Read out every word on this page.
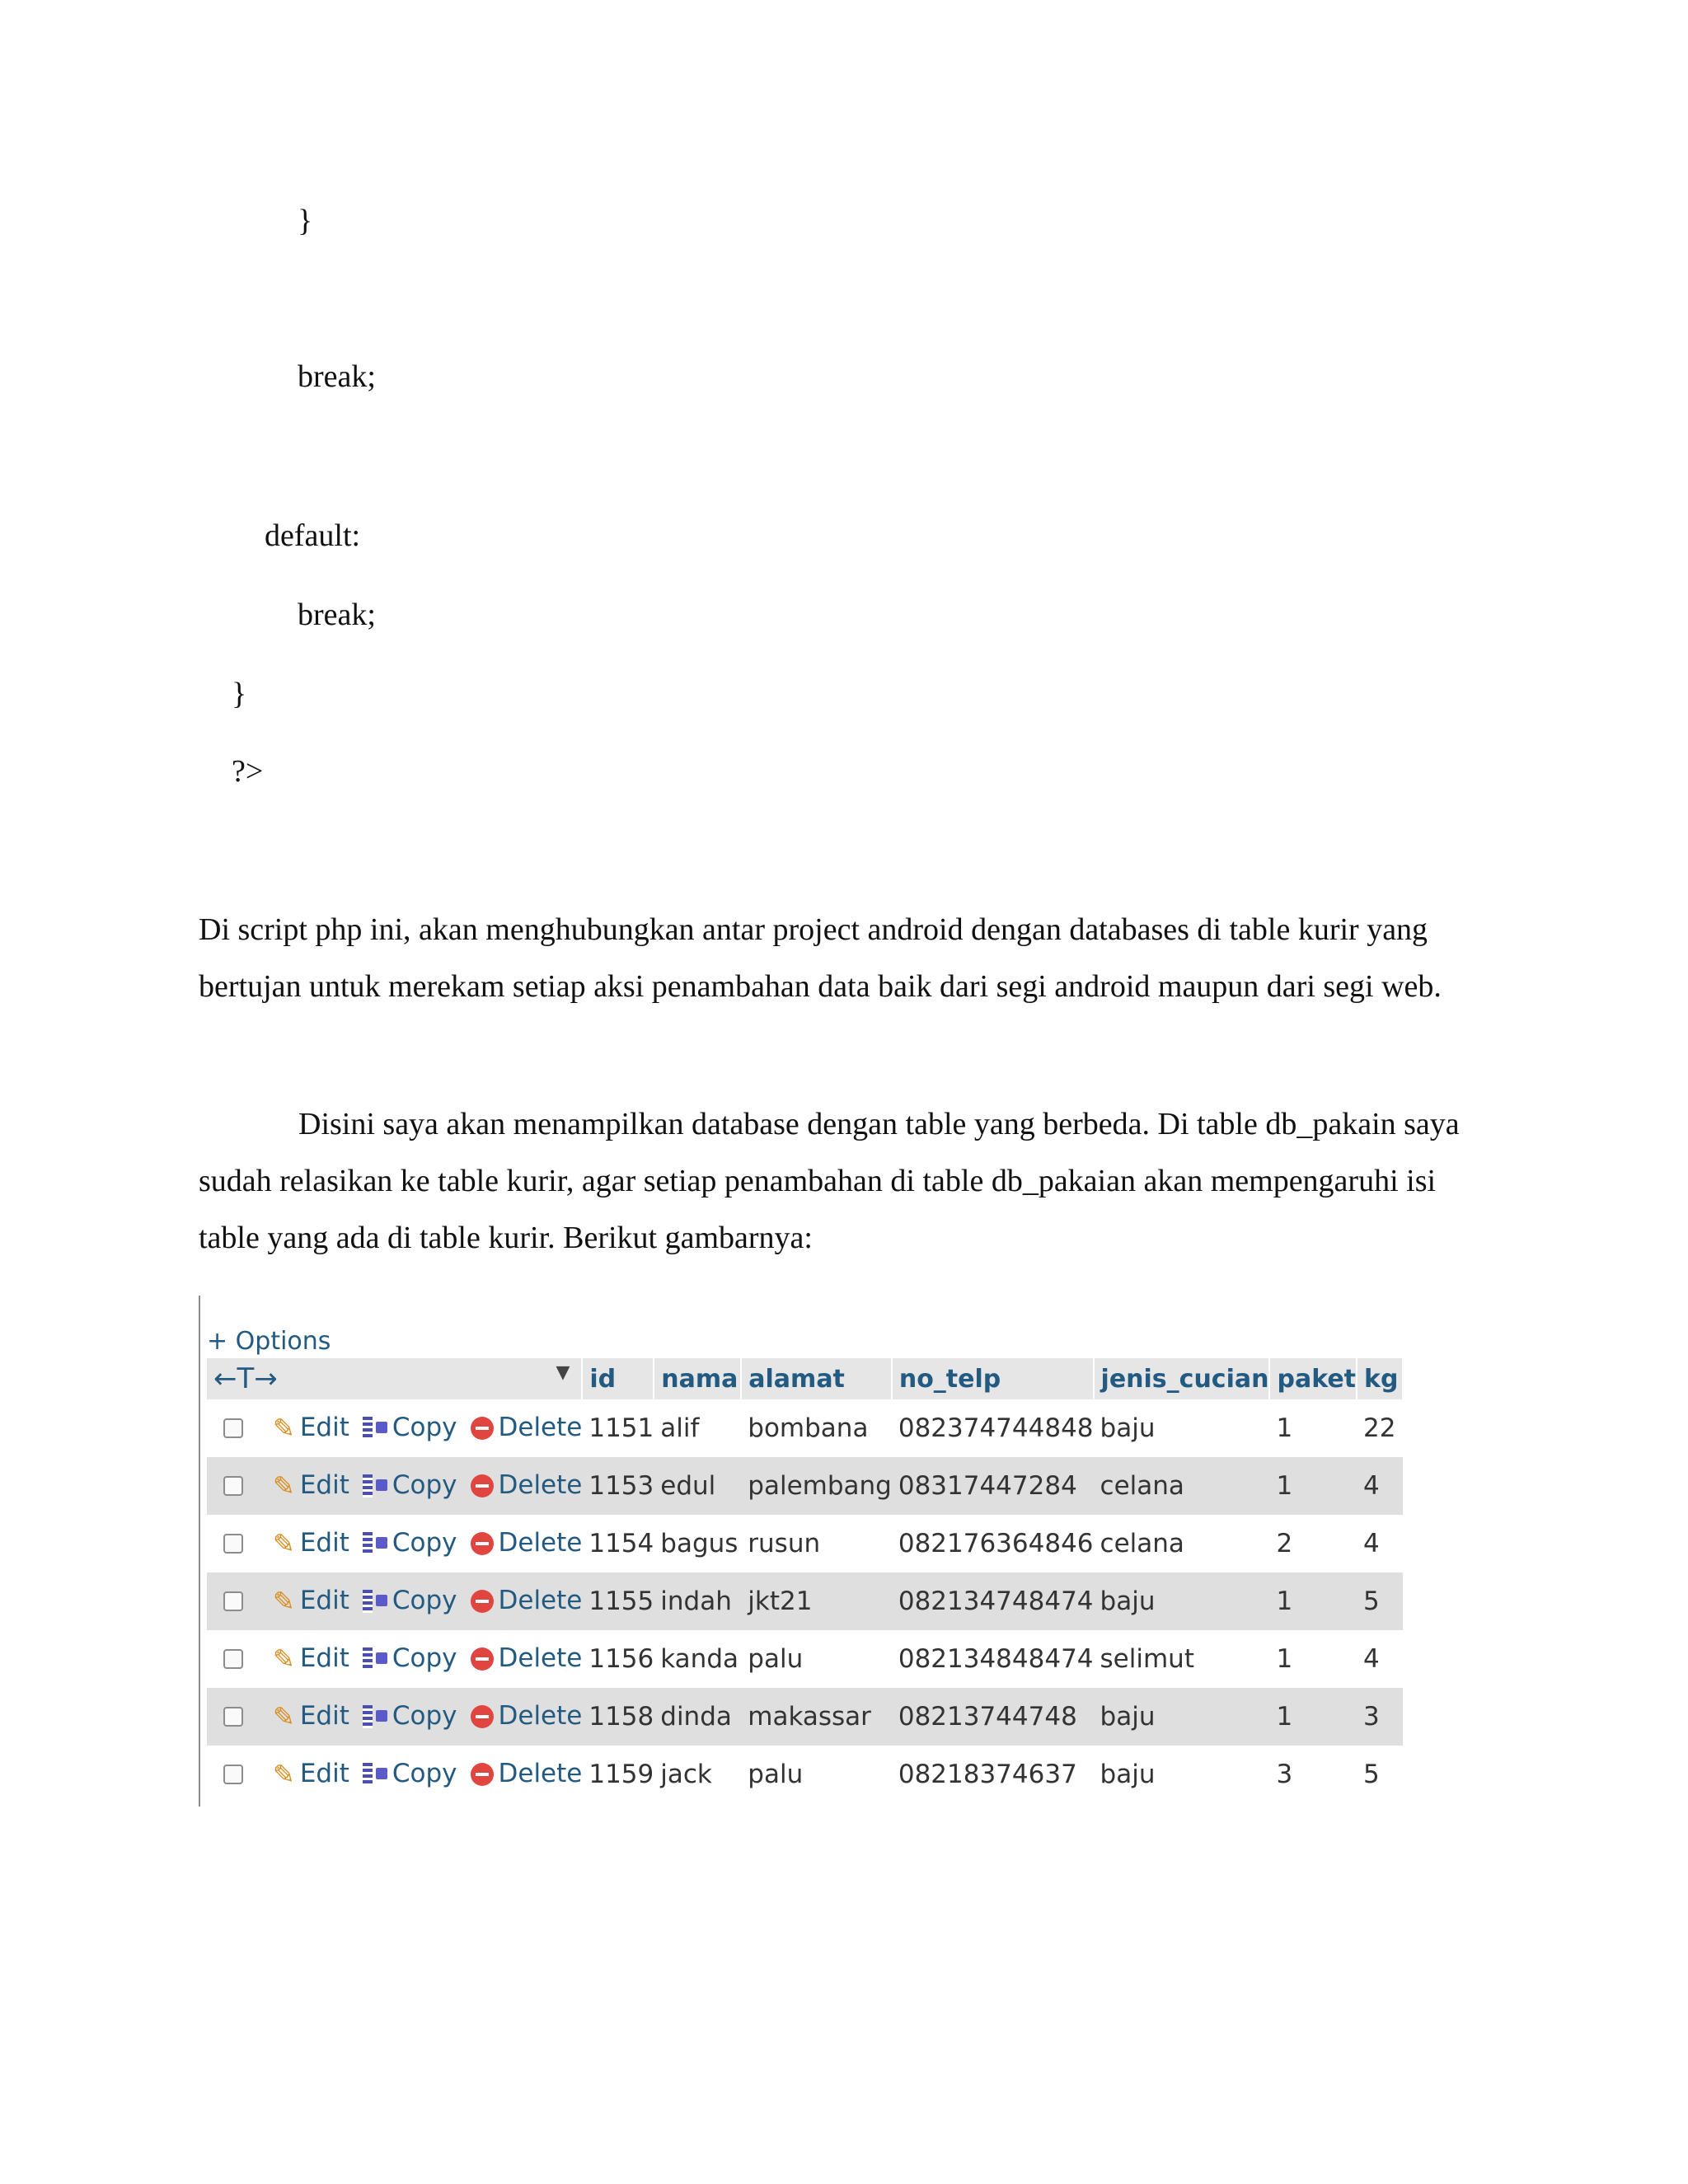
}
break;
default:
break;
}
?>

Di script php ini, akan menghubungkan antar project android dengan databases di table kurir yang bertujan untuk merekam setiap aksi penambahan data baik dari segi android maupun dari segi web.

Disini saya akan menampilkan database dengan table yang berbeda. Di table db_pakain saya sudah relasikan ke table kurir, agar setiap penambahan di table db_pakaian akan mempengaruhi isi table yang ada di table kurir. Berikut gambarnya:

+ Options
←T→ ▼	id	nama	alamat	no_telp	jenis_cucian	paket	kg
✎ Edit Copy Delete	1151	alif	bombana	082374744848	baju	1	22
✎ Edit Copy Delete	1153	edul	palembang	08317447284	celana	1	4
✎ Edit Copy Delete	1154	bagus	rusun	082176364846	celana	2	4
✎ Edit Copy Delete	1155	indah	jkt21	082134748474	baju	1	5
✎ Edit Copy Delete	1156	kanda	palu	082134848474	selimut	1	4
✎ Edit Copy Delete	1158	dinda	makassar	08213744748	baju	1	3
✎ Edit Copy Delete	1159	jack	palu	08218374637	baju	3	5
